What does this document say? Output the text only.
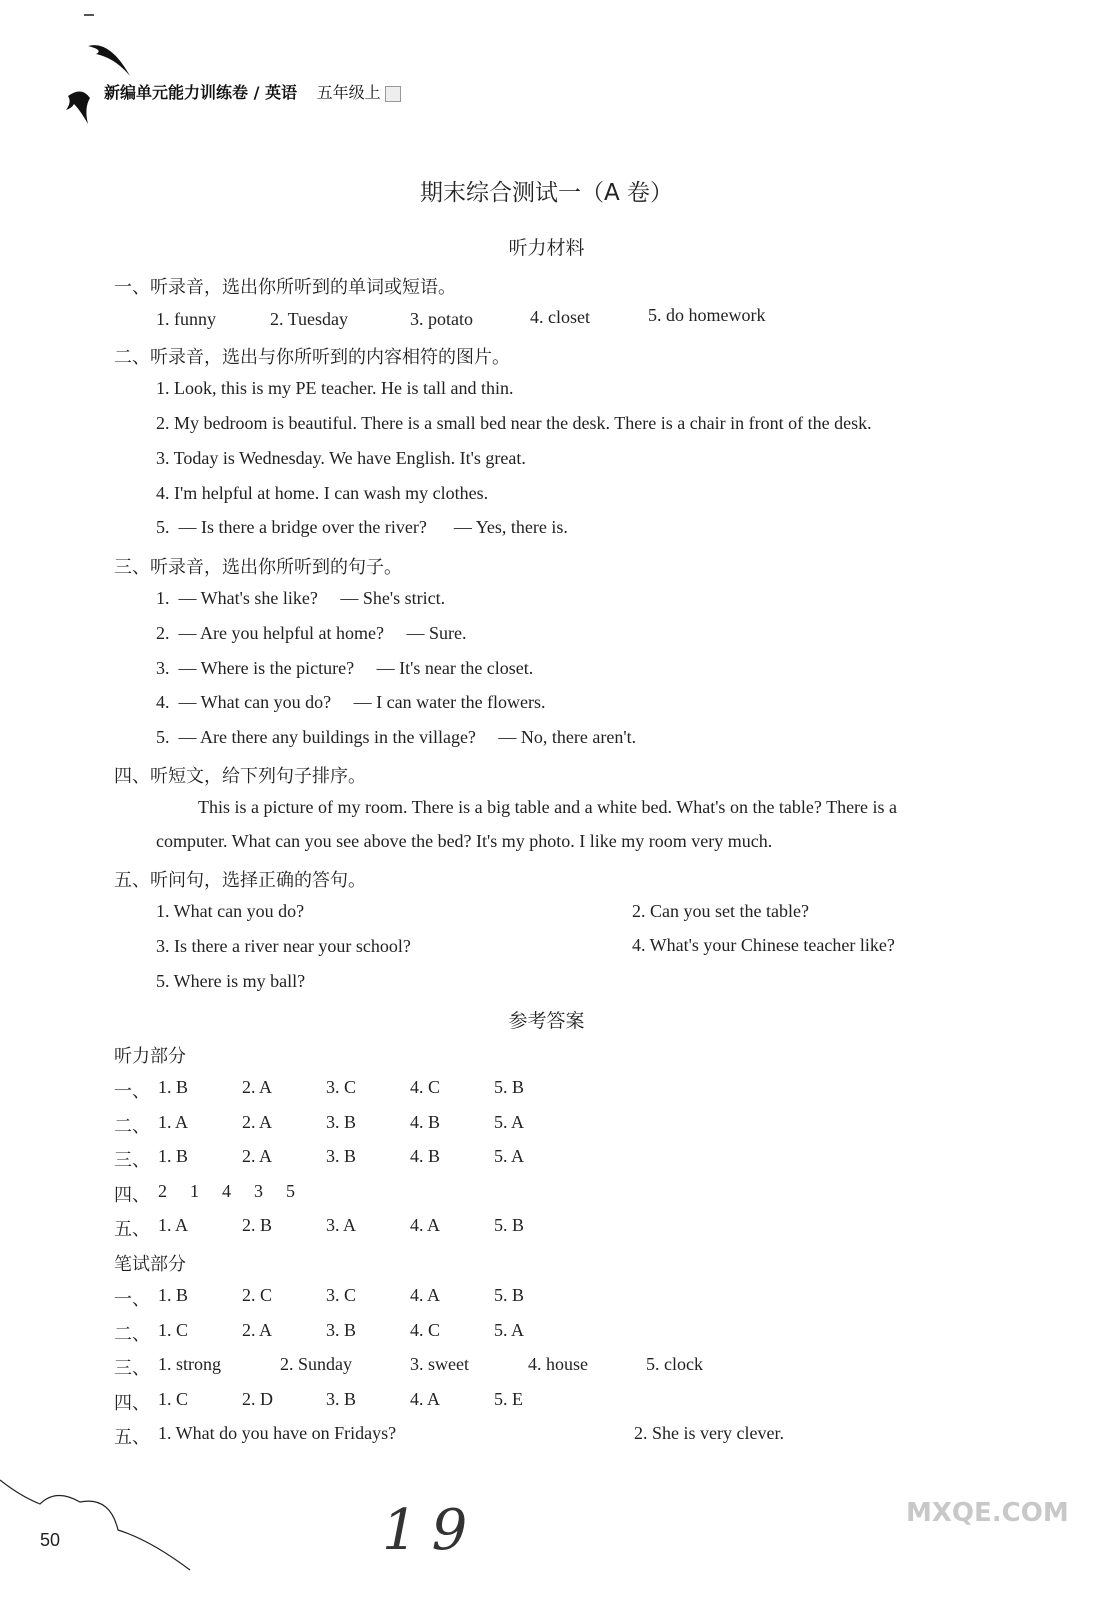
新编单元能力训练卷 / 英语 五年级上
期末综合测试一（A 卷）
听力材料
一、听录音，选出你所听到的单词或短语。
1. funny	2. Tuesday	3. potato	4. closet	5. do homework
二、听录音，选出与你所听到的内容相符的图片。
1. Look, this is my PE teacher. He is tall and thin.
2. My bedroom is beautiful. There is a small bed near the desk. There is a chair in front of the desk.
3. Today is Wednesday. We have English. It's great.
4. I'm helpful at home. I can wash my clothes.
5.  — Is there a bridge over the river?      — Yes, there is.
三、听录音，选出你所听到的句子。
1.  — What's she like?     — She's strict.
2.  — Are you helpful at home?     — Sure.
3.  — Where is the picture?     — It's near the closet.
4.  — What can you do?     — I can water the flowers.
5.  — Are there any buildings in the village?     — No, there aren't.
四、听短文，给下列句子排序。
This is a picture of my room. There is a big table and a white bed. What's on the table? There is a
computer. What can you see above the bed? It's my photo. I like my room very much.
五、听问句，选择正确的答句。
1. What can you do?	2. Can you set the table?
3. Is there a river near your school?	4. What's your Chinese teacher like?
5. Where is my ball?
参考答案
听力部分
一、 1. B	2. A	3. C	4. C	5. B
二、 1. A	2. A	3. B	4. B	5. A
三、 1. B	2. A	3. B	4. B	5. A
四、 2 1 4 3 5
五、 1. A	2. B	3. A	4. A	5. B
笔试部分
一、 1. B	2. C	3. C	4. A	5. B
二、 1. C	2. A	3. B	4. C	5. A
三、 1. strong	2. Sunday	3. sweet	4. house	5. clock
四、 1. C	2. D	3. B	4. A	5. E
五、 1. What do you have on Fridays?	2. She is very clever.
50	19	MXQE.COM
